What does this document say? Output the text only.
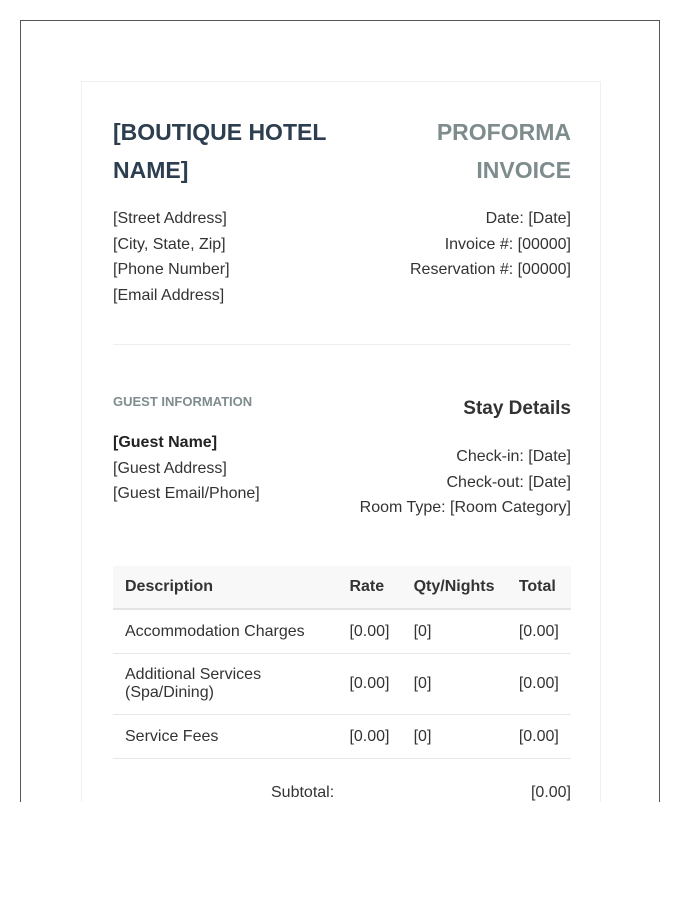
[BOUTIQUE HOTEL NAME]
PROFORMA INVOICE
[Street Address]
[City, State, Zip]
[Phone Number]
[Email Address]
Date: [Date]
Invoice #: [00000]
Reservation #: [00000]
GUEST INFORMATION
[Guest Name]
[Guest Address]
[Guest Email/Phone]
Stay Details
Check-in: [Date]
Check-out: [Date]
Room Type: [Room Category]
Description	Rate	Qty/Nights	Total
Accommodation Charges	[0.00]	[0]	[0.00]
Additional Services (Spa/Dining)	[0.00]	[0]	[0.00]
Service Fees	[0.00]	[0]	[0.00]
Subtotal:	[0.00]
